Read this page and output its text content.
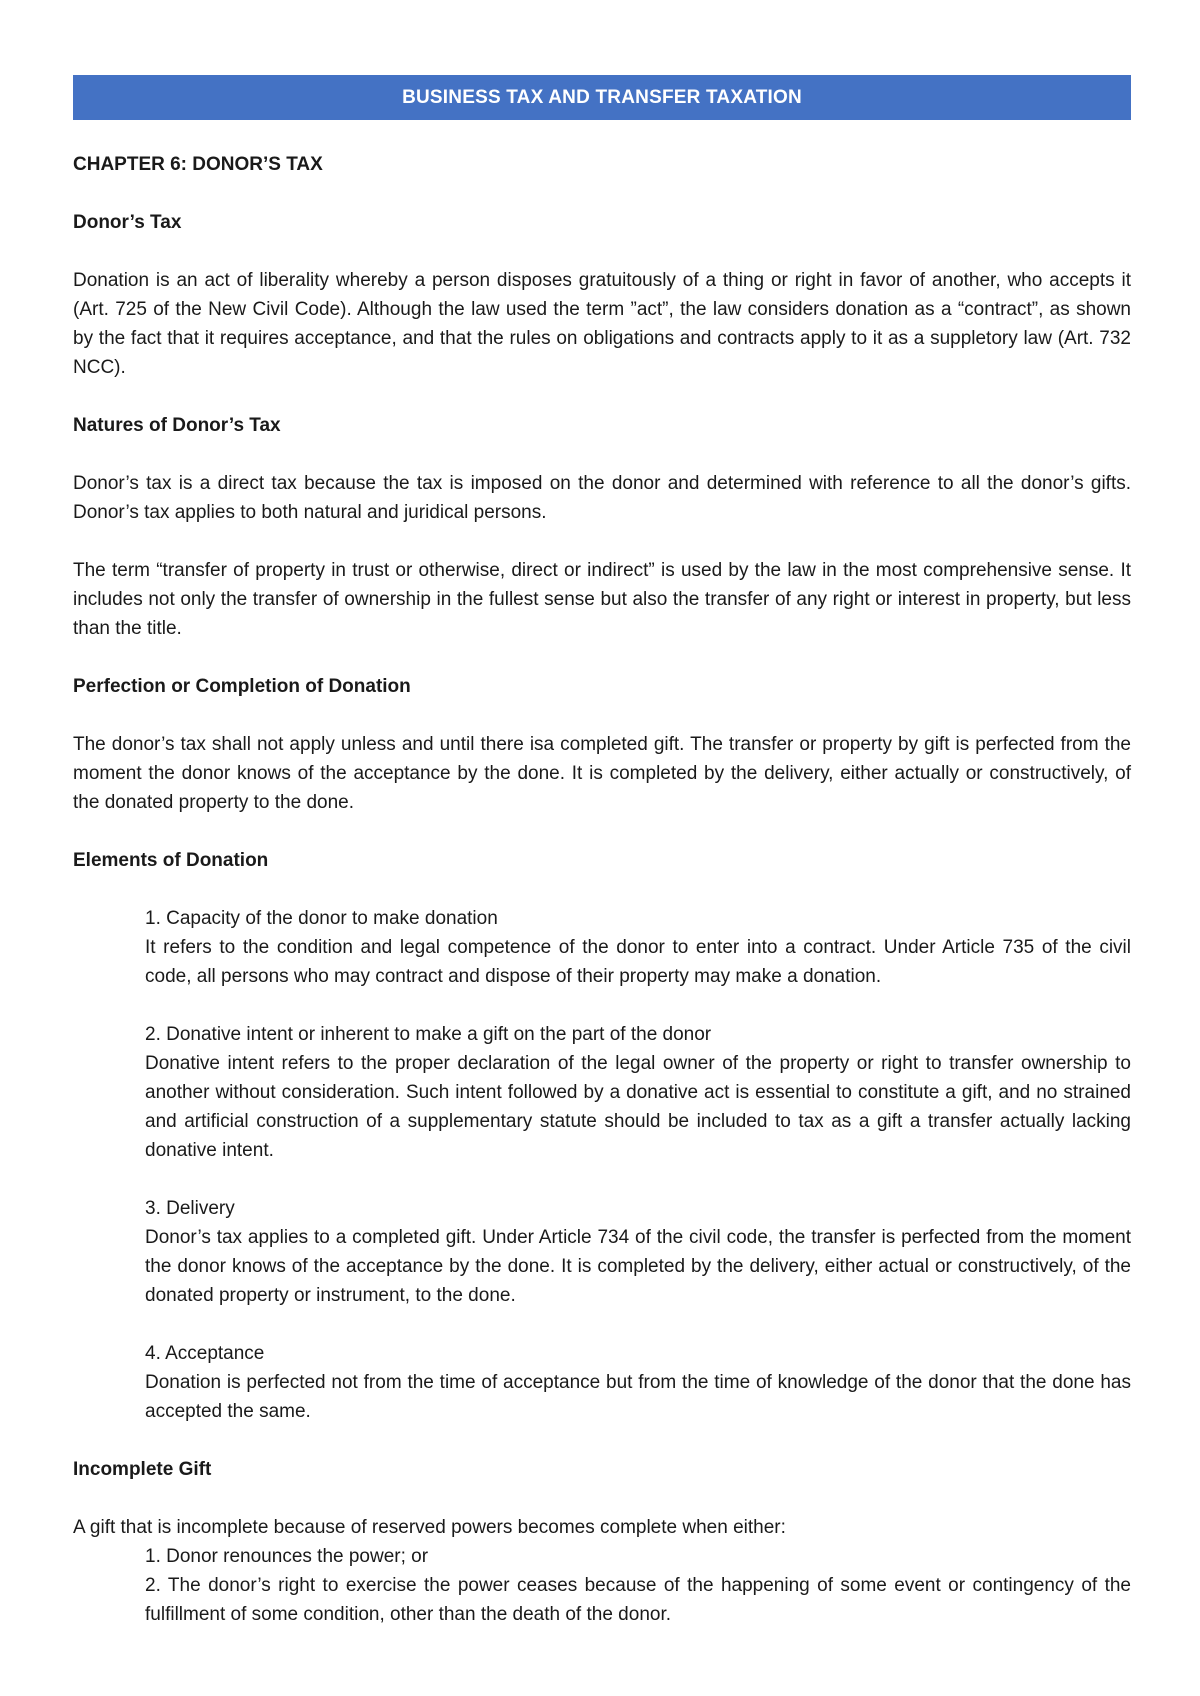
BUSINESS TAX AND TRANSFER TAXATION
CHAPTER 6: DONOR’S TAX
Donor’s Tax

Donation is an act of liberality whereby a person disposes gratuitously of a thing or right in favor of another, who accepts it (Art. 725 of the New Civil Code). Although the law used the term ”act”, the law considers donation as a “contract”, as shown by the fact that it requires acceptance, and that the rules on obligations and contracts apply to it as a suppletory law (Art. 732 NCC).

Natures of Donor’s Tax

Donor’s tax is a direct tax because the tax is imposed on the donor and determined with reference to all the donor’s gifts. Donor’s tax applies to both natural and juridical persons.

The term “transfer of property in trust or otherwise, direct or indirect” is used by the law in the most comprehensive sense. It includes not only the transfer of ownership in the fullest sense but also the transfer of any right or interest in property, but less than the title.

Perfection or Completion of Donation

The donor’s tax shall not apply unless and until there isa completed gift. The transfer or property by gift is perfected from the moment the donor knows of the acceptance by the done. It is completed by the delivery, either actually or constructively, of the donated property to the done.

Elements of Donation
1. Capacity of the donor to make donation
It refers to the condition and legal competence of the donor to enter into a contract. Under Article 735 of the civil code, all persons who may contract and dispose of their property may make a donation.
2. Donative intent or inherent to make a gift on the part of the donor
Donative intent refers to the proper declaration of the legal owner of the property or right to transfer ownership to another without consideration. Such intent followed by a donative act is essential to constitute a gift, and no strained and artificial construction of a supplementary statute should be included to tax as a gift a transfer actually lacking donative intent.
3. Delivery
Donor’s tax applies to a completed gift. Under Article 734 of the civil code, the transfer is perfected from the moment the donor knows of the acceptance by the done. It is completed by the delivery, either actual or constructively, of the donated property or instrument, to the done.
4. Acceptance
Donation is perfected not from the time of acceptance but from the time of knowledge of the donor that the done has accepted the same.
Incomplete Gift
A gift that is incomplete because of reserved powers becomes complete when either:
1. Donor renounces the power; or
2. The donor’s right to exercise the power ceases because of the happening of some event or contingency of the fulfillment of some condition, other than the death of the donor.
